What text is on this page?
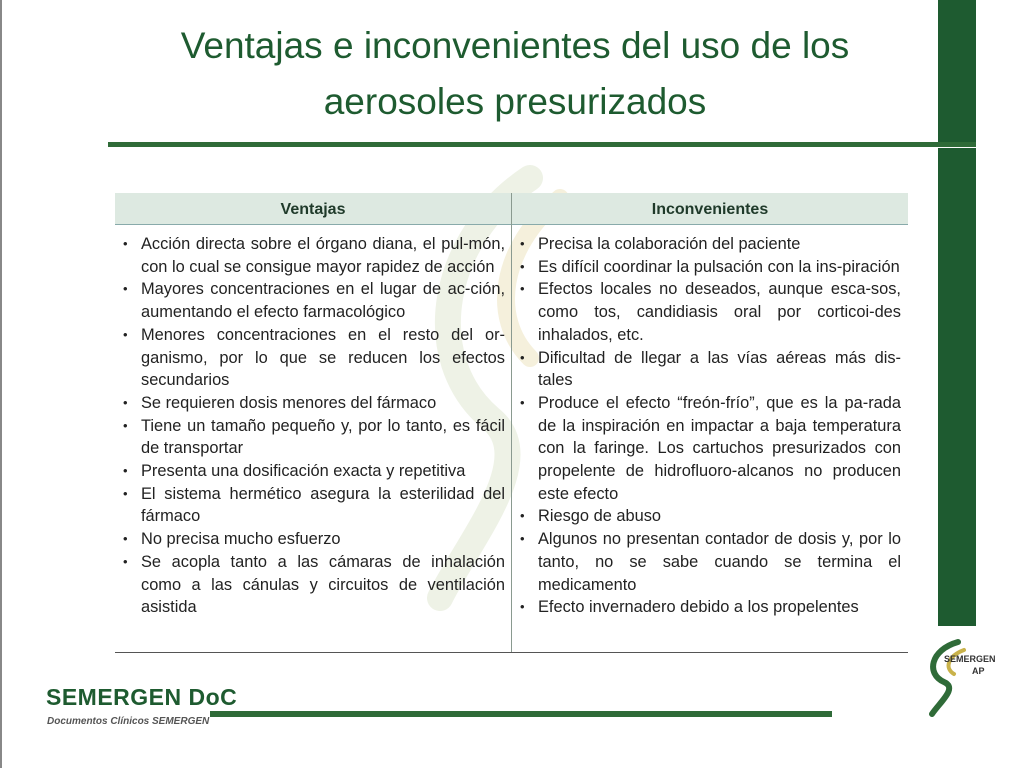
Ventajas e inconvenientes del uso de los
aerosoles presurizados
Ventajas	Inconvenientes
• Acción directa sobre el órgano diana, el pul-món, con lo cual se consigue mayor rapidez de acción
• Mayores concentraciones en el lugar de ac-ción, aumentando el efecto farmacológico
• Menores concentraciones en el resto del or-ganismo, por lo que se reducen los efectos secundarios
• Se requieren dosis menores del fármaco
• Tiene un tamaño pequeño y, por lo tanto, es fácil de transportar
• Presenta una dosificación exacta y repetitiva
• El sistema hermético asegura la esterilidad del fármaco
• No precisa mucho esfuerzo
• Se acopla tanto a las cámaras de inhalación como a las cánulas y circuitos de ventilación asistida
• Precisa la colaboración del paciente
• Es difícil coordinar la pulsación con la ins-piración
• Efectos locales no deseados, aunque esca-sos, como tos, candidiasis oral por corticoi-des inhalados, etc.
• Dificultad de llegar a las vías aéreas más dis-tales
• Produce el efecto “freón-frío”, que es la pa-rada de la inspiración en impactar a baja temperatura con la faringe. Los cartuchos presurizados con propelente de hidrofluoro-alcanos no producen este efecto
• Riesgo de abuso
• Algunos no presentan contador de dosis y, por lo tanto, no se sabe cuando se termina el medicamento
• Efecto invernadero debido a los propelentes
SEMERGEN DoC
Documentos Clínicos SEMERGEN
SEMERGEN
AP
